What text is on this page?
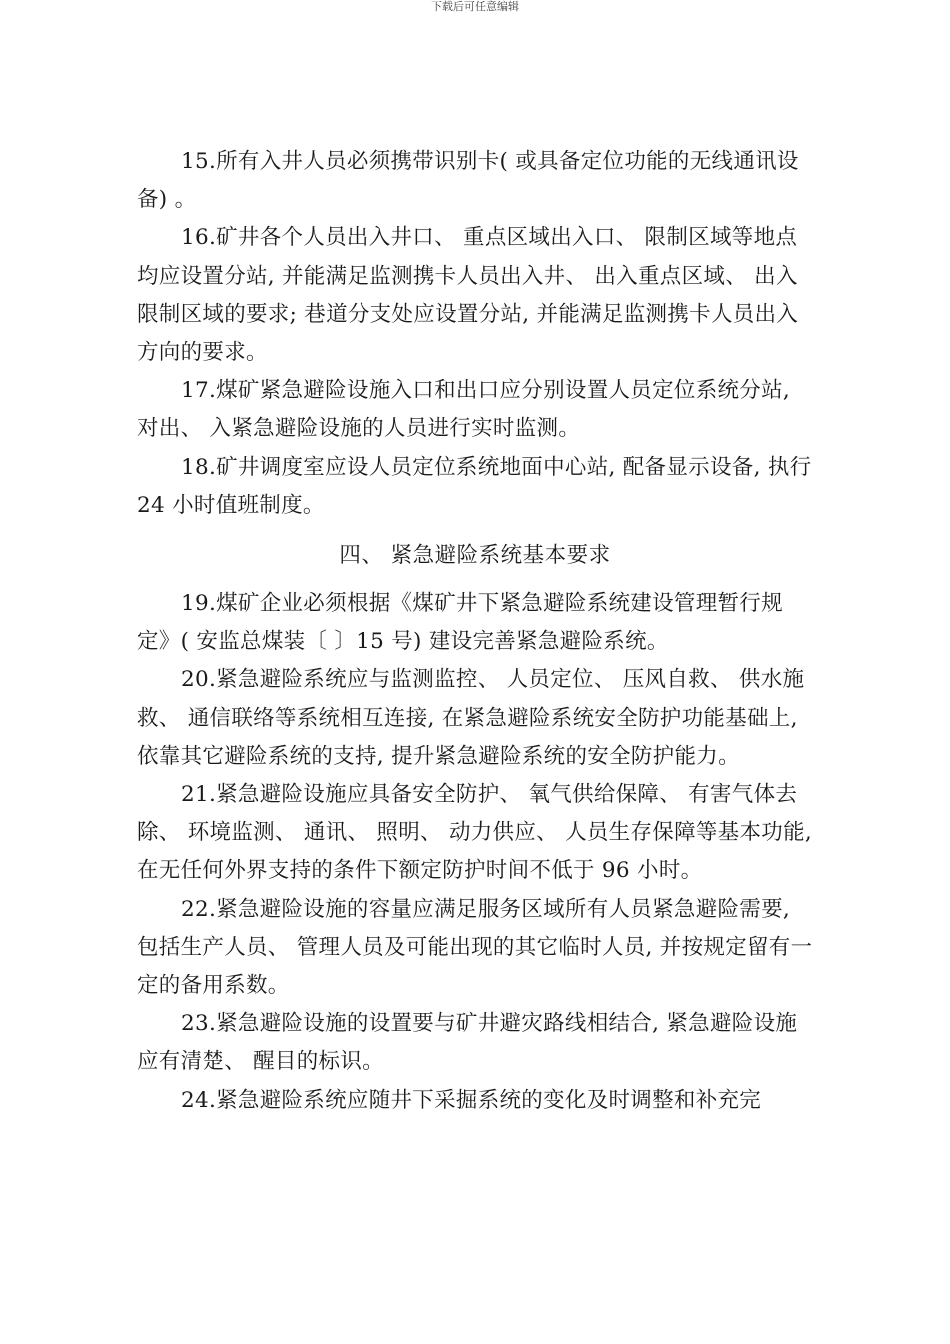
下载后可任意编辑

15.所有入井人员必须携带识别卡( 或具备定位功能的无线通讯设备) 。

16.矿井各个人员出入井口、 重点区域出入口、 限制区域等地点均应设置分站, 并能满足监测携卡人员出入井、 出入重点区域、 出入限制区域的要求; 巷道分支处应设置分站, 并能满足监测携卡人员出入方向的要求。

17.煤矿紧急避险设施入口和出口应分别设置人员定位系统分站, 对出、 入紧急避险设施的人员进行实时监测。

18.矿井调度室应设人员定位系统地面中心站, 配备显示设备, 执行 24 小时值班制度。

四、 紧急避险系统基本要求

19.煤矿企业必须根据《煤矿井下紧急避险系统建设管理暂行规定》( 安监总煤装〔 〕15 号) 建设完善紧急避险系统。

20.紧急避险系统应与监测监控、 人员定位、 压风自救、 供水施救、 通信联络等系统相互连接, 在紧急避险系统安全防护功能基础上, 依靠其它避险系统的支持, 提升紧急避险系统的安全防护能力。

21.紧急避险设施应具备安全防护、 氧气供给保障、 有害气体去除、 环境监测、 通讯、 照明、 动力供应、 人员生存保障等基本功能, 在无任何外界支持的条件下额定防护时间不低于 96 小时。

22.紧急避险设施的容量应满足服务区域所有人员紧急避险需要, 包括生产人员、 管理人员及可能出现的其它临时人员, 并按规定留有一定的备用系数。

23.紧急避险设施的设置要与矿井避灾路线相结合, 紧急避险设施应有清楚、 醒目的标识。

24.紧急避险系统应随井下采掘系统的变化及时调整和补充完
